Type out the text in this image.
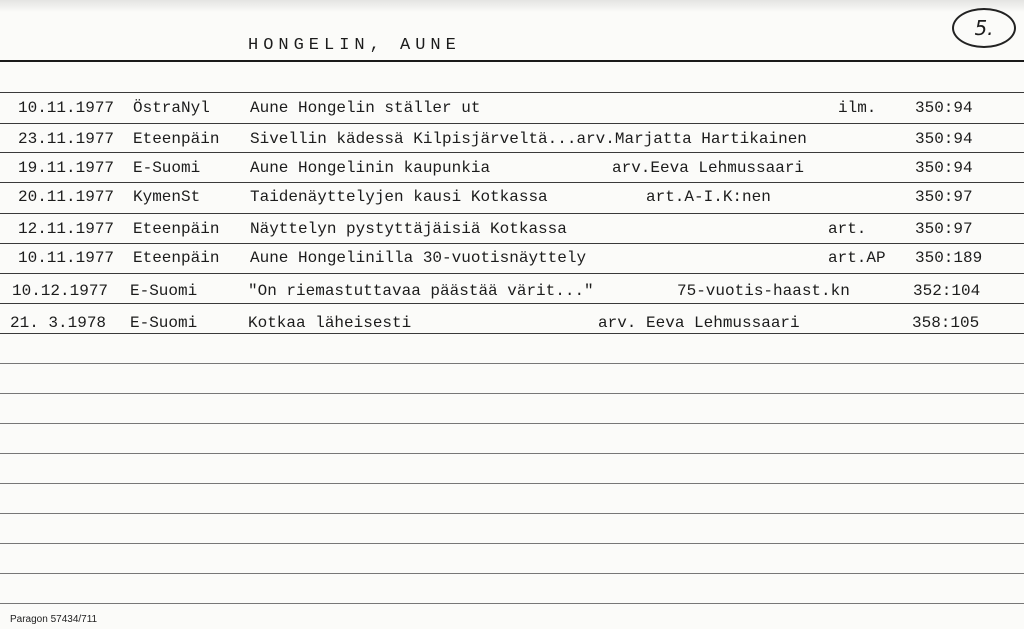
HONGELIN, AUNE
5.
10.11.1977 ÖstraNyl	Aune Hongelin ställer ut	ilm. 350:94
23.11.1977 Eteenpäin Sivellin kädessä Kilpisjärveltä...arv.Marjatta Hartikainen	350:94
19.11.1977 E-Suomi	Aune Hongelinin kaupunkia	arv.Eeva Lehmussaari	350:94
20.11.1977 KymenSt	Taidenäyttelyjen kausi Kotkassa	art.A-I.K:nen	350:97
12.11.1977 Eteenpäin Näyttelyn pystyttäjäisiä Kotkassa	art.	350:97
10.11.1977 Eteenpäin Aune Hongelinilla 30-vuotisnäyttely	art.AP 350:189
10.12.1977 E-Suomi	"On riemastuttavaa päästää värit..."	75-vuotis-haast.kn	352:104
21. 3.1978 E-Suomi	Kotkaa läheisesti	arv. Eeva Lehmussaari	358:105
Paragon 57434/711
